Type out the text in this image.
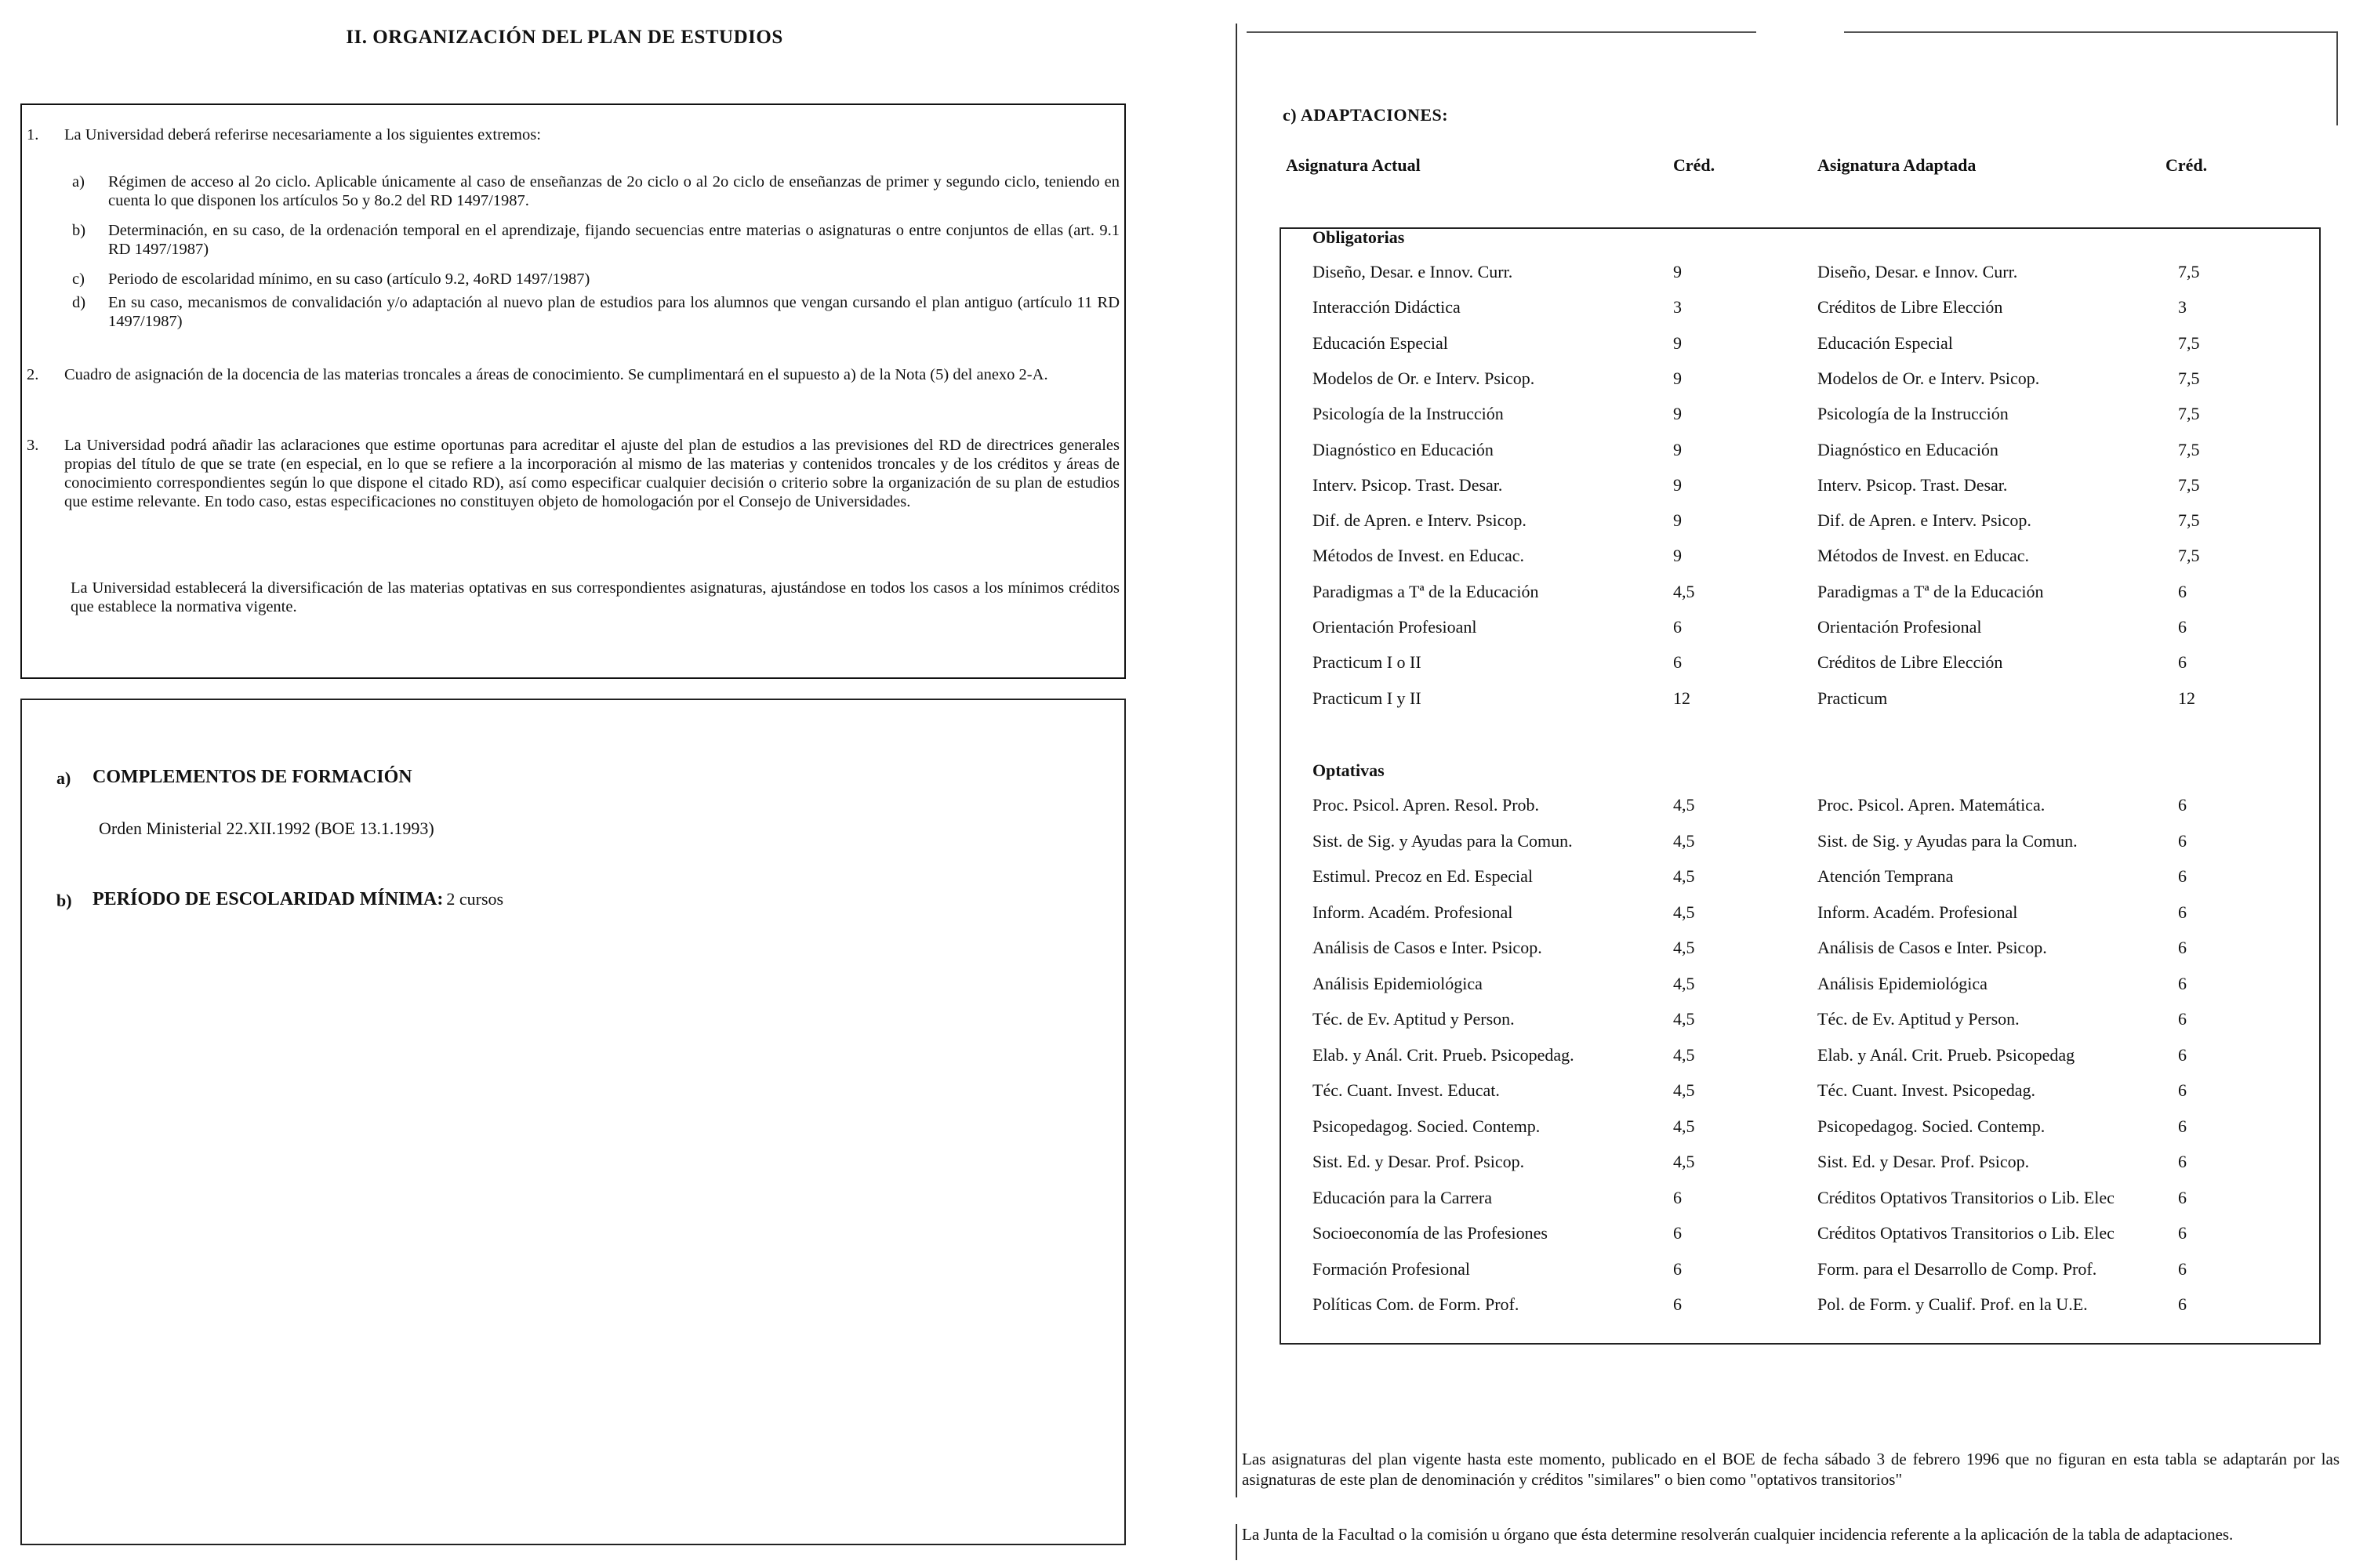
II. ORGANIZACIÓN DEL PLAN DE ESTUDIOS
1. La Universidad deberá referirse necesariamente a los siguientes extremos:
a) Régimen de acceso al 2o ciclo. Aplicable únicamente al caso de enseñanzas de 2o ciclo o al 2o ciclo de enseñanzas de primer y segundo ciclo, teniendo en cuenta lo que disponen los artículos 5o y 8o.2 del RD 1497/1987.
b) Determinación, en su caso, de la ordenación temporal en el aprendizaje, fijando secuencias entre materias o asignaturas o entre conjuntos de ellas (art. 9.1 RD 1497/1987)
c) Periodo de escolaridad mínimo, en su caso (artículo 9.2, 4oRD 1497/1987)
d) En su caso, mecanismos de convalidación y/o adaptación al nuevo plan de estudios para los alumnos que vengan cursando el plan antiguo (artículo 11 RD 1497/1987)
2. Cuadro de asignación de la docencia de las materias troncales a áreas de conocimiento. Se cumplimentará en el supuesto a) de la Nota (5) del anexo 2-A.
3. La Universidad podrá añadir las aclaraciones que estime oportunas para acreditar el ajuste del plan de estudios a las previsiones del RD de directrices generales propias del título de que se trate (en especial, en lo que se refiere a la incorporación al mismo de las materias y contenidos troncales y de los créditos y áreas de conocimiento correspondientes según lo que dispone el citado RD), así como especificar cualquier decisión o criterio sobre la organización de su plan de estudios que estime relevante. En todo caso, estas especificaciones no constituyen objeto de homologación por el Consejo de Universidades.
La Universidad establecerá la diversificación de las materias optativas en sus correspondientes asignaturas, ajustándose en todos los casos a los mínimos créditos que establece la normativa vigente.
a) COMPLEMENTOS DE FORMACIÓN
Orden Ministerial 22.XII.1992 (BOE 13.1.1993)
b) PERÍODO DE ESCOLARIDAD MÍNIMA: 2 cursos
c) ADAPTACIONES:
Asignatura Actual	Créd.	Asignatura Adaptada	Créd.
Obligatorias
Diseño, Desar. e Innov. Curr.	9	Diseño, Desar. e Innov. Curr.	7,5
Interacción Didáctica	3	Créditos de Libre Elección	3
Educación Especial	9	Educación Especial	7,5
Modelos de Or. e Interv. Psicop.	9	Modelos de Or. e Interv. Psicop.	7,5
Psicología de la Instrucción	9	Psicología de la Instrucción	7,5
Diagnóstico en Educación	9	Diagnóstico en Educación	7,5
Interv. Psicop. Trast. Desar.	9	Interv. Psicop. Trast. Desar.	7,5
Dif. de Apren. e Interv. Psicop.	9	Dif. de Apren. e Interv. Psicop.	7,5
Métodos de Invest. en Educac.	9	Métodos de Invest. en Educac.	7,5
Paradigmas a Tª de la Educación	4,5	Paradigmas a Tª de la Educación	6
Orientación Profesioanl	6	Orientación Profesional	6
Practicum I o II	6	Créditos de Libre Elección	6
Practicum I y II	12	Practicum	12
Optativas
Proc. Psicol. Apren. Resol. Prob.	4,5	Proc. Psicol. Apren. Matemática.	6
Sist. de Sig. y Ayudas para la Comun.	4,5	Sist. de Sig. y Ayudas para la Comun.	6
Estimul. Precoz en Ed. Especial	4,5	Atención Temprana	6
Inform. Académ. Profesional	4,5	Inform. Académ. Profesional	6
Análisis de Casos e Inter. Psicop.	4,5	Análisis de Casos e Inter. Psicop.	6
Análisis Epidemiológica	4,5	Análisis Epidemiológica	6
Téc. de Ev. Aptitud y Person.	4,5	Téc. de Ev. Aptitud y Person.	6
Elab. y Anál. Crit. Prueb. Psicopedag.	4,5	Elab. y Anál. Crit. Prueb. Psicopedag	6
Téc. Cuant. Invest. Educat.	4,5	Téc. Cuant. Invest. Psicopedag.	6
Psicopedagog. Socied. Contemp.	4,5	Psicopedagog. Socied. Contemp.	6
Sist. Ed. y Desar. Prof. Psicop.	4,5	Sist. Ed. y Desar. Prof. Psicop.	6
Educación para la Carrera	6	Créditos Optativos Transitorios o Lib. Elec	6
Socioeconomía de las Profesiones	6	Créditos Optativos Transitorios o Lib. Elec	6
Formación Profesional	6	Form. para el Desarrollo de Comp. Prof.	6
Políticas Com. de Form. Prof.	6	Pol. de Form. y Cualif. Prof. en la U.E.	6
Las asignaturas del plan vigente hasta este momento, publicado en el BOE de fecha sábado 3 de febrero 1996 que no figuran en esta tabla se adaptarán por las asignaturas de este plan de denominación y créditos "similares" o bien como "optativos transitorios"
La Junta de la Facultad o la comisión u órgano que ésta determine resolverán cualquier incidencia referente a la aplicación de la tabla de adaptaciones.
